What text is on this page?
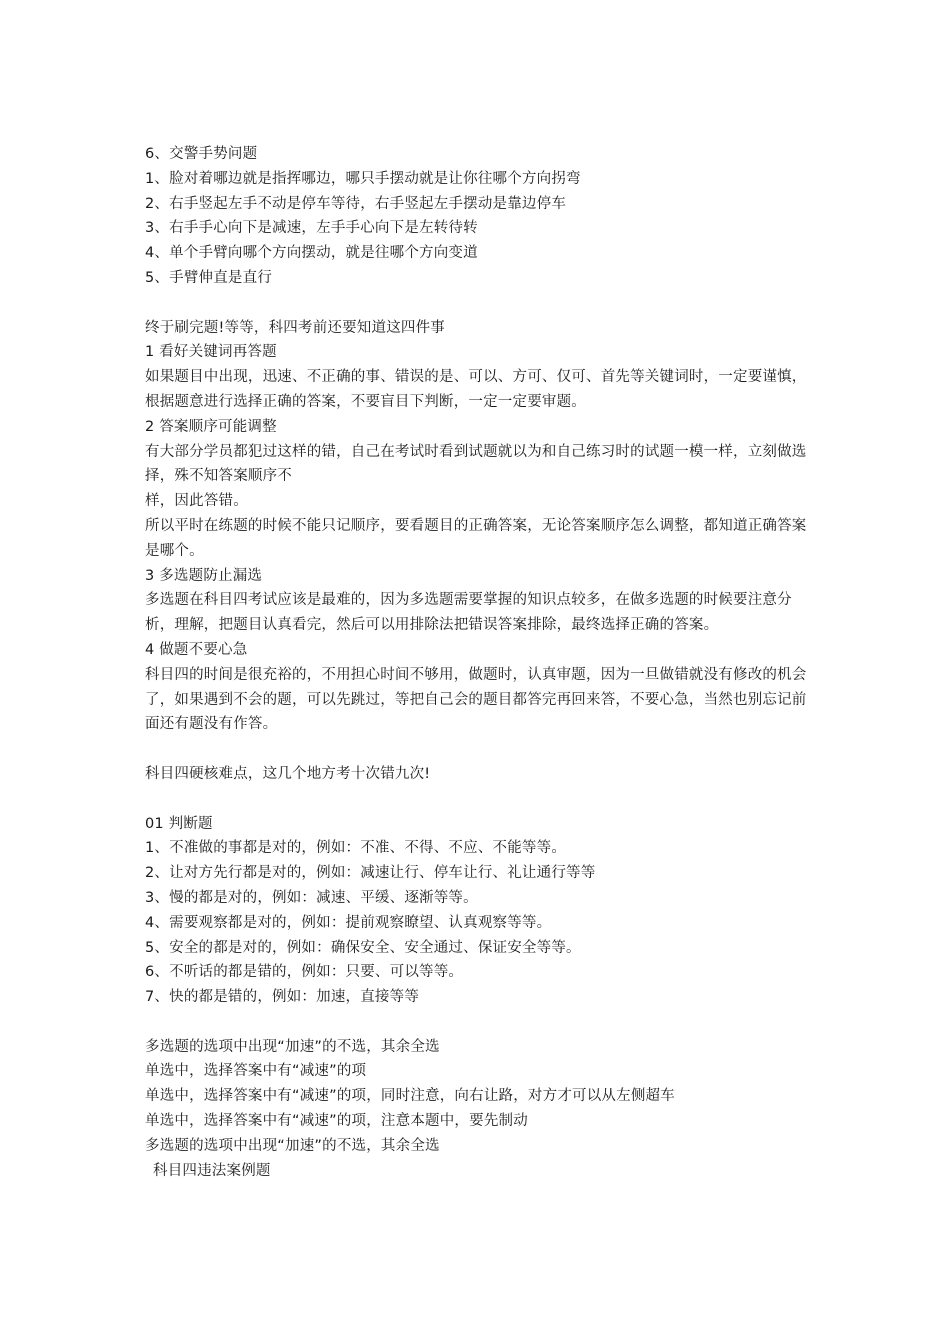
6、交警手势问题
1、脸对着哪边就是指挥哪边，哪只手摆动就是让你往哪个方向拐弯
2、右手竖起左手不动是停车等待，右手竖起左手摆动是靠边停车
3、右手手心向下是减速，左手手心向下是左转待转
4、单个手臂向哪个方向摆动，就是往哪个方向变道
5、手臂伸直是直行
终于刷完题!等等，科四考前还要知道这四件事
1 看好关键词再答题
如果题目中出现，迅速、不正确的事、错误的是、可以、方可、仅可、首先等关键词时，一定要谨慎，根据题意进行选择正确的答案，不要盲目下判断，一定一定要审题。
2 答案顺序可能调整
有大部分学员都犯过这样的错，自己在考试时看到试题就以为和自己练习时的试题一模一样，立刻做选择，殊不知答案顺序不
样，因此答错。
所以平时在练题的时候不能只记顺序，要看题目的正确答案，无论答案顺序怎么调整，都知道正确答案是哪个。
3 多选题防止漏选
多选题在科目四考试应该是最难的，因为多选题需要掌握的知识点较多，在做多选题的时候要注意分析，理解，把题目认真看完，然后可以用排除法把错误答案排除，最终选择正确的答案。
4 做题不要心急
科目四的时间是很充裕的，不用担心时间不够用，做题时，认真审题，因为一旦做错就没有修改的机会了，如果遇到不会的题，可以先跳过，等把自己会的题目都答完再回来答，不要心急，当然也别忘记前面还有题没有作答。
科目四硬核难点，这几个地方考十次错九次!
01 判断题
1、不准做的事都是对的，例如：不准、不得、不应、不能等等。
2、让对方先行都是对的，例如：减速让行、停车让行、礼让通行等等
3、慢的都是对的，例如：减速、平缓、逐渐等等。
4、需要观察都是对的，例如：提前观察瞭望、认真观察等等。
5、安全的都是对的，例如：确保安全、安全通过、保证安全等等。
6、不听话的都是错的，例如：只要、可以等等。
7、快的都是错的，例如：加速，直接等等
多选题的选项中出现“加速”的不选，其余全选
单选中，选择答案中有“减速”的项
单选中，选择答案中有“减速”的项，同时注意，向右让路，对方才可以从左侧超车
单选中，选择答案中有“减速”的项，注意本题中，要先制动
多选题的选项中出现“加速”的不选，其余全选
科目四违法案例题
